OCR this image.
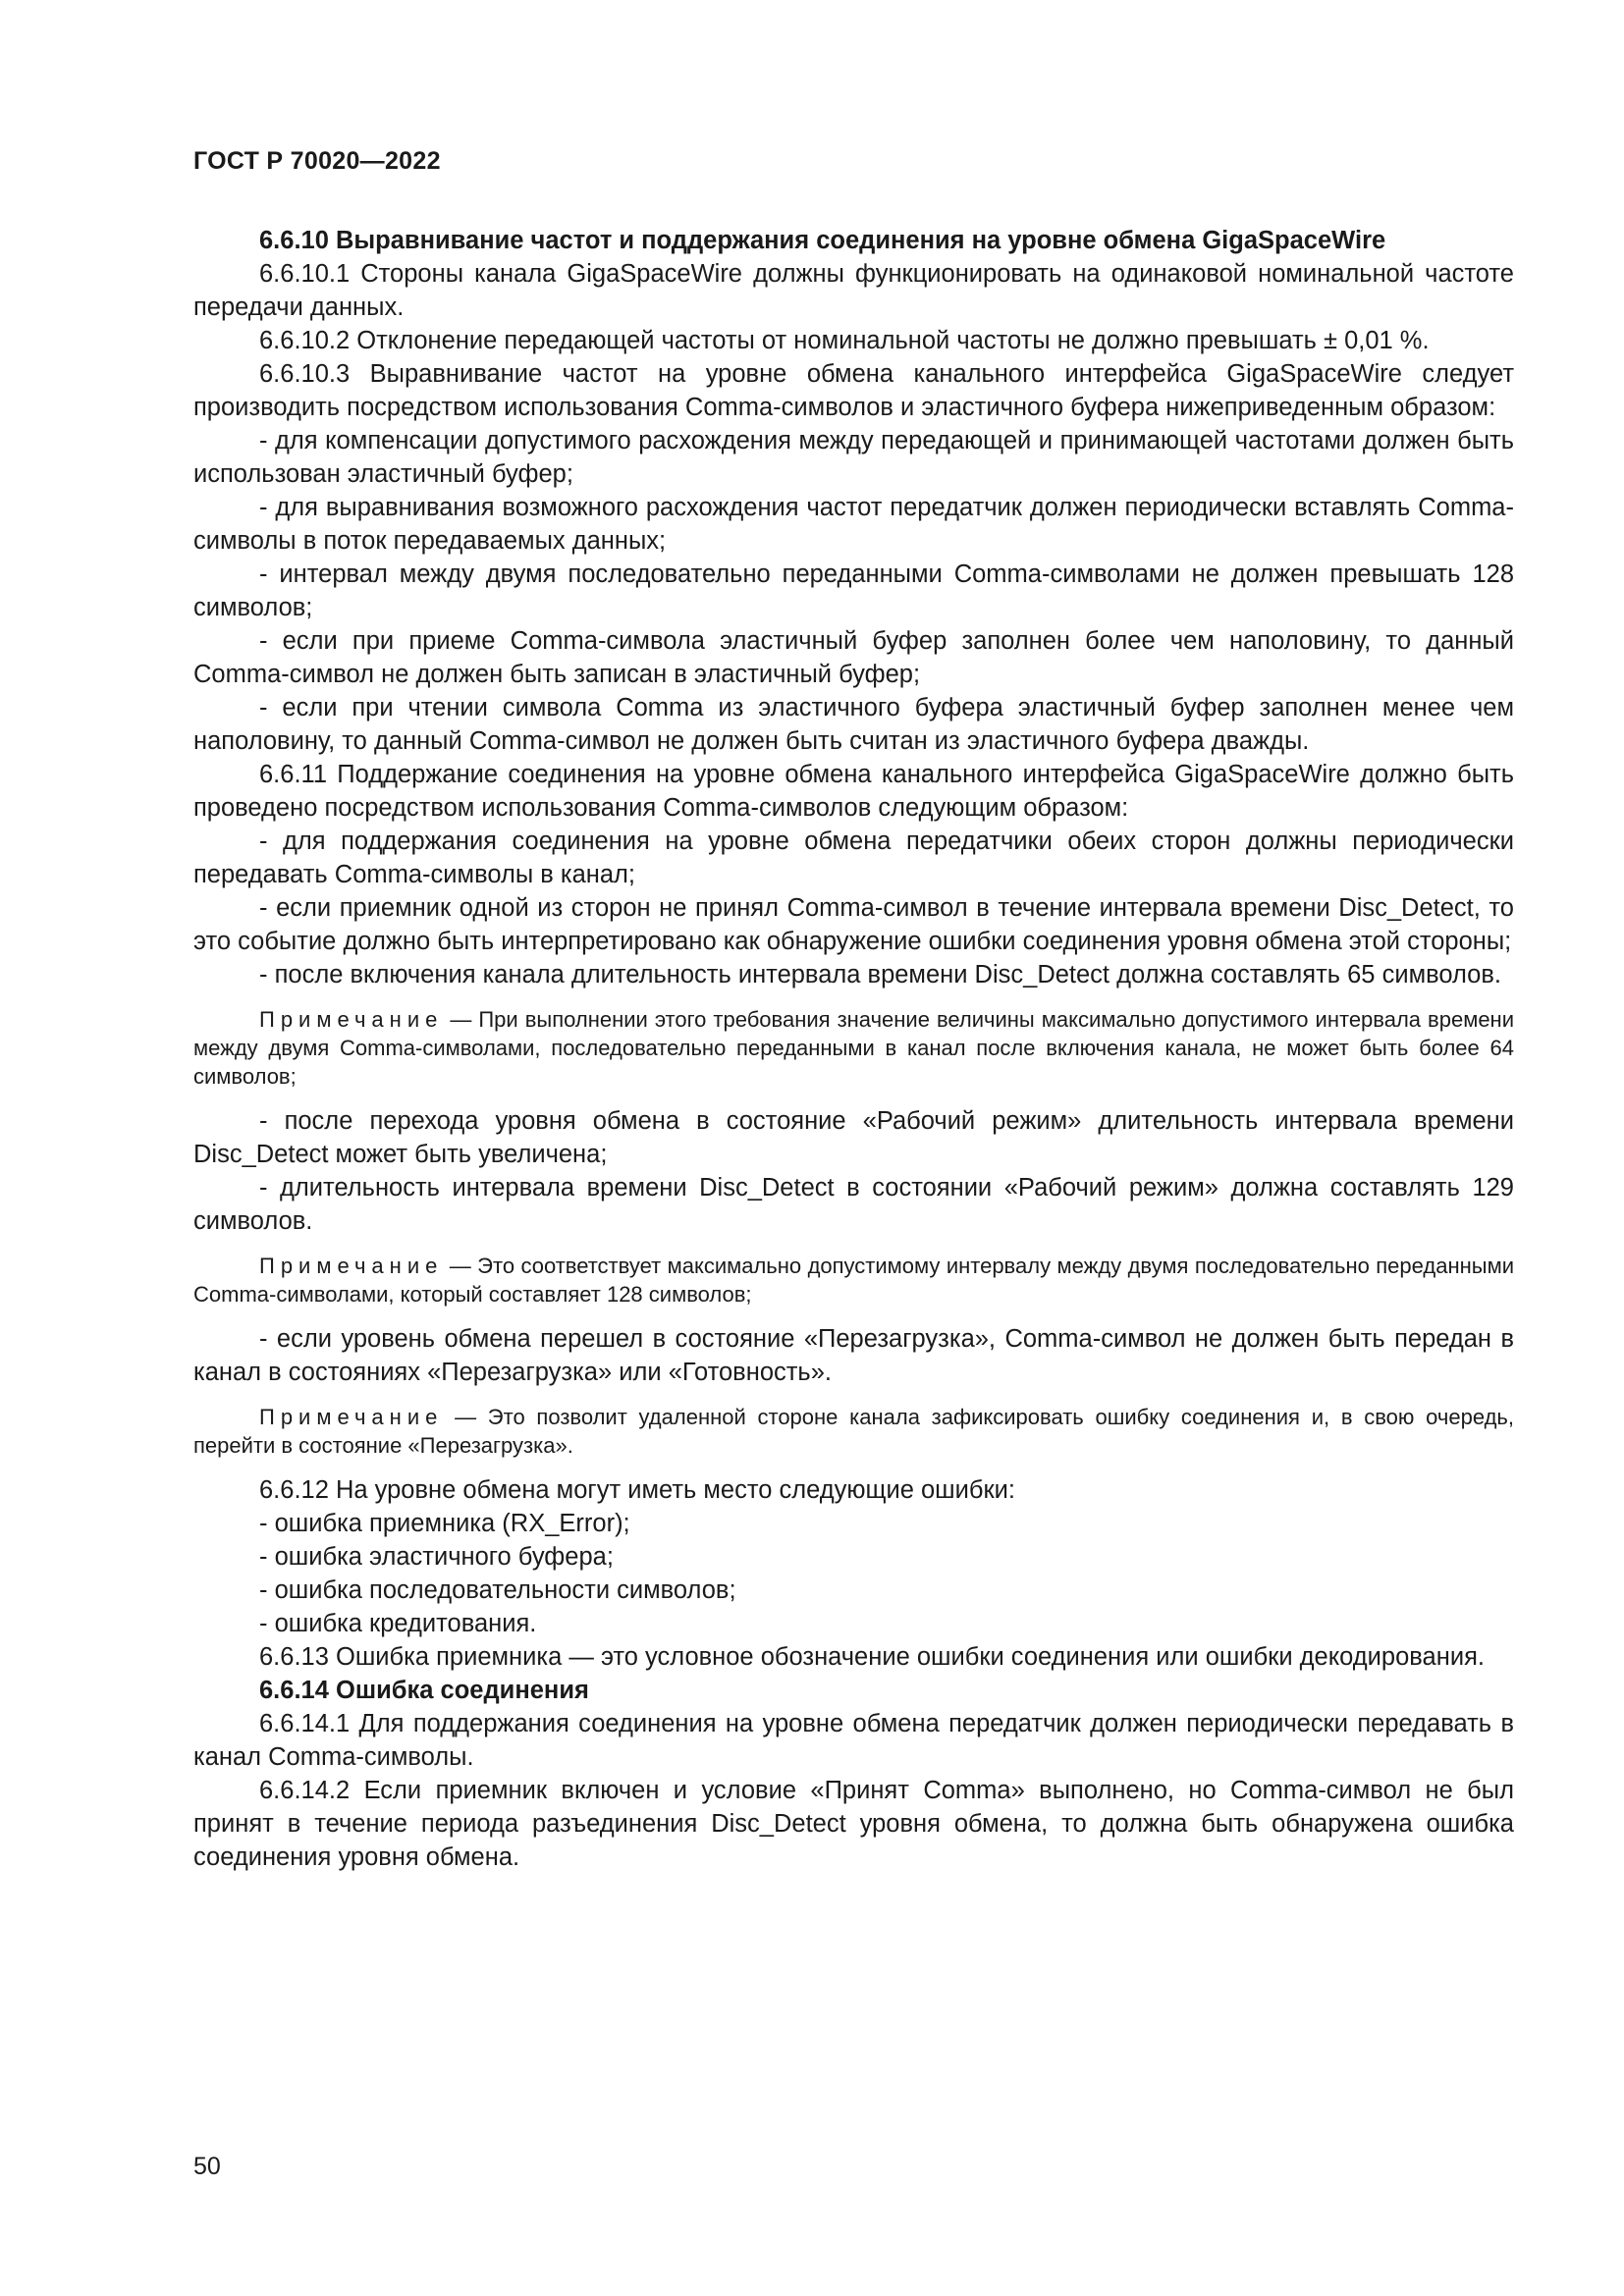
ГОСТ Р 70020—2022

6.6.10 Выравнивание частот и поддержания соединения на уровне обмена GigaSpaceWire

6.6.10.1 Стороны канала GigaSpaceWire должны функционировать на одинаковой номинальной частоте передачи данных.

6.6.10.2 Отклонение передающей частоты от номинальной частоты не должно превышать ± 0,01 %.

6.6.10.3 Выравнивание частот на уровне обмена канального интерфейса GigaSpaceWire следует производить посредством использования Comma-символов и эластичного буфера нижеприведенным образом:

- для компенсации допустимого расхождения между передающей и принимающей частотами должен быть использован эластичный буфер;

- для выравнивания возможного расхождения частот передатчик должен периодически вставлять Comma-символы в поток передаваемых данных;

- интервал между двумя последовательно переданными Comma-символами не должен превышать 128 символов;

- если при приеме Comma-символа эластичный буфер заполнен более чем наполовину, то данный Comma-символ не должен быть записан в эластичный буфер;

- если при чтении символа Comma из эластичного буфера эластичный буфер заполнен менее чем наполовину, то данный Comma-символ не должен быть считан из эластичного буфера дважды.

6.6.11 Поддержание соединения на уровне обмена канального интерфейса GigaSpaceWire должно быть проведено посредством использования Comma-символов следующим образом:

- для поддержания соединения на уровне обмена передатчики обеих сторон должны периодически передавать Comma-символы в канал;

- если приемник одной из сторон не принял Comma-символ в течение интервала времени Disc_Detect, то это событие должно быть интерпретировано как обнаружение ошибки соединения уровня обмена этой стороны;

- после включения канала длительность интервала времени Disc_Detect должна составлять 65 символов.

Примечание — При выполнении этого требования значение величины максимально допустимого интервала времени между двумя Comma-символами, последовательно переданными в канал после включения канала, не может быть более 64 символов;

- после перехода уровня обмена в состояние «Рабочий режим» длительность интервала времени Disc_Detect может быть увеличена;

- длительность интервала времени Disc_Detect в состоянии «Рабочий режим» должна составлять 129 символов.

Примечание — Это соответствует максимально допустимому интервалу между двумя последовательно переданными Comma-символами, который составляет 128 символов;

- если уровень обмена перешел в состояние «Перезагрузка», Comma-символ не должен быть передан в канал в состояниях «Перезагрузка» или «Готовность».

Примечание — Это позволит удаленной стороне канала зафиксировать ошибку соединения и, в свою очередь, перейти в состояние «Перезагрузка».

6.6.12 На уровне обмена могут иметь место следующие ошибки:

- ошибка приемника (RX_Error);

- ошибка эластичного буфера;

- ошибка последовательности символов;

- ошибка кредитования.

6.6.13 Ошибка приемника — это условное обозначение ошибки соединения или ошибки декодирования.

6.6.14 Ошибка соединения

6.6.14.1 Для поддержания соединения на уровне обмена передатчик должен периодически передавать в канал Comma-символы.

6.6.14.2 Если приемник включен и условие «Принят Comma» выполнено, но Comma-символ не был принят в течение периода разъединения Disc_Detect уровня обмена, то должна быть обнаружена ошибка соединения уровня обмена.

50
